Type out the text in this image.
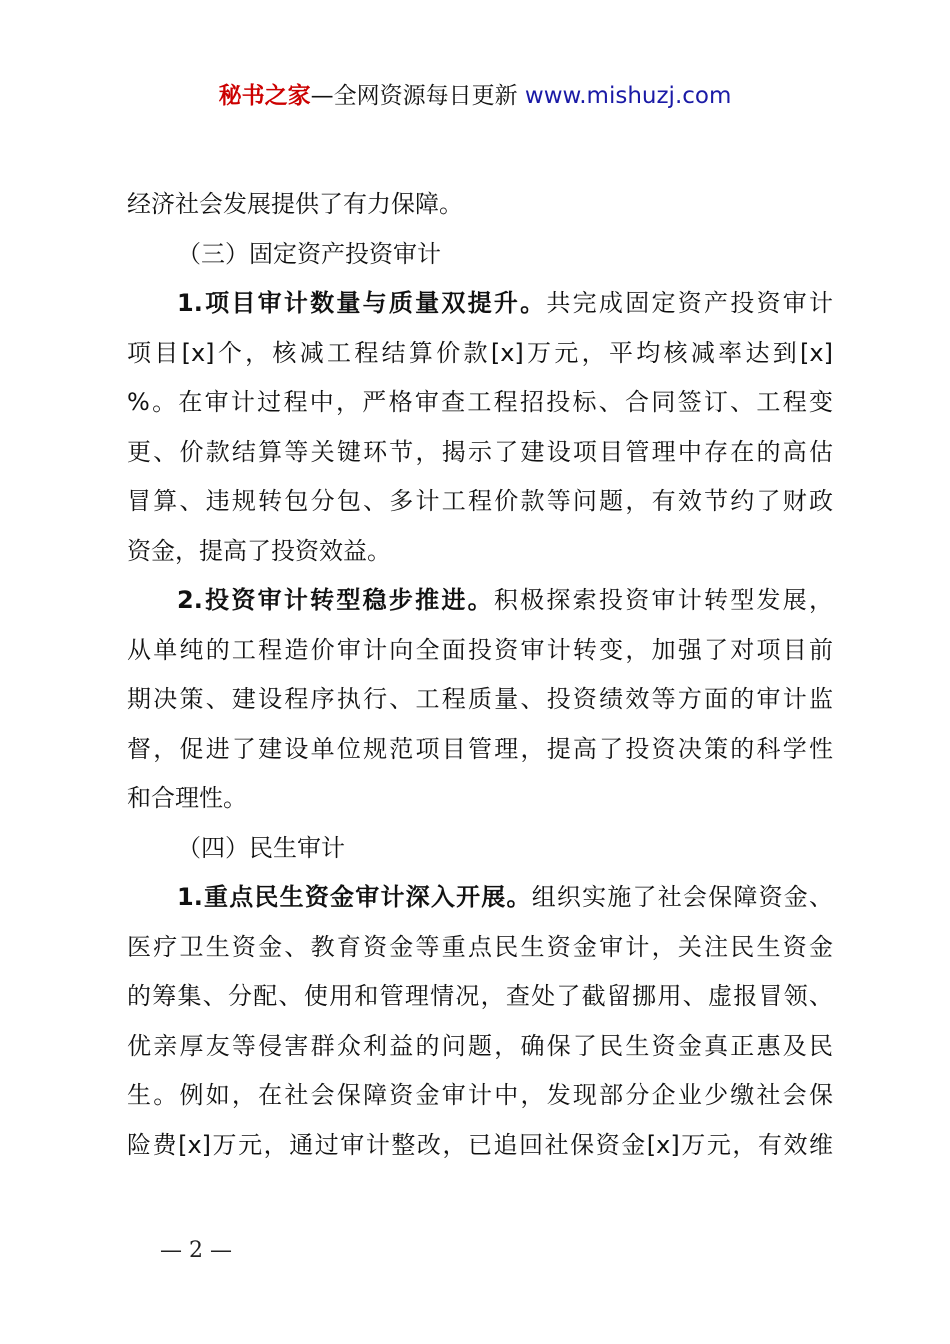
秘书之家—全网资源每日更新 www.mishuzj.com
经济社会发展提供了有力保障。
（三）固定资产投资审计
1.项目审计数量与质量双提升。共完成固定资产投资审计
项目[x]个，核减工程结算价款[x]万元，平均核减率达到[x]
%。在审计过程中，严格审查工程招投标、合同签订、工程变
更、价款结算等关键环节，揭示了建设项目管理中存在的高估
冒算、违规转包分包、多计工程价款等问题，有效节约了财政
资金，提高了投资效益。
2.投资审计转型稳步推进。积极探索投资审计转型发展，
从单纯的工程造价审计向全面投资审计转变，加强了对项目前
期决策、建设程序执行、工程质量、投资绩效等方面的审计监
督，促进了建设单位规范项目管理，提高了投资决策的科学性
和合理性。
（四）民生审计
1.重点民生资金审计深入开展。组织实施了社会保障资金、
医疗卫生资金、教育资金等重点民生资金审计，关注民生资金
的筹集、分配、使用和管理情况，查处了截留挪用、虚报冒领、
优亲厚友等侵害群众利益的问题，确保了民生资金真正惠及民
生。例如，在社会保障资金审计中，发现部分企业少缴社会保
险费[x]万元，通过审计整改，已追回社保资金[x]万元，有效维
— 2 —
